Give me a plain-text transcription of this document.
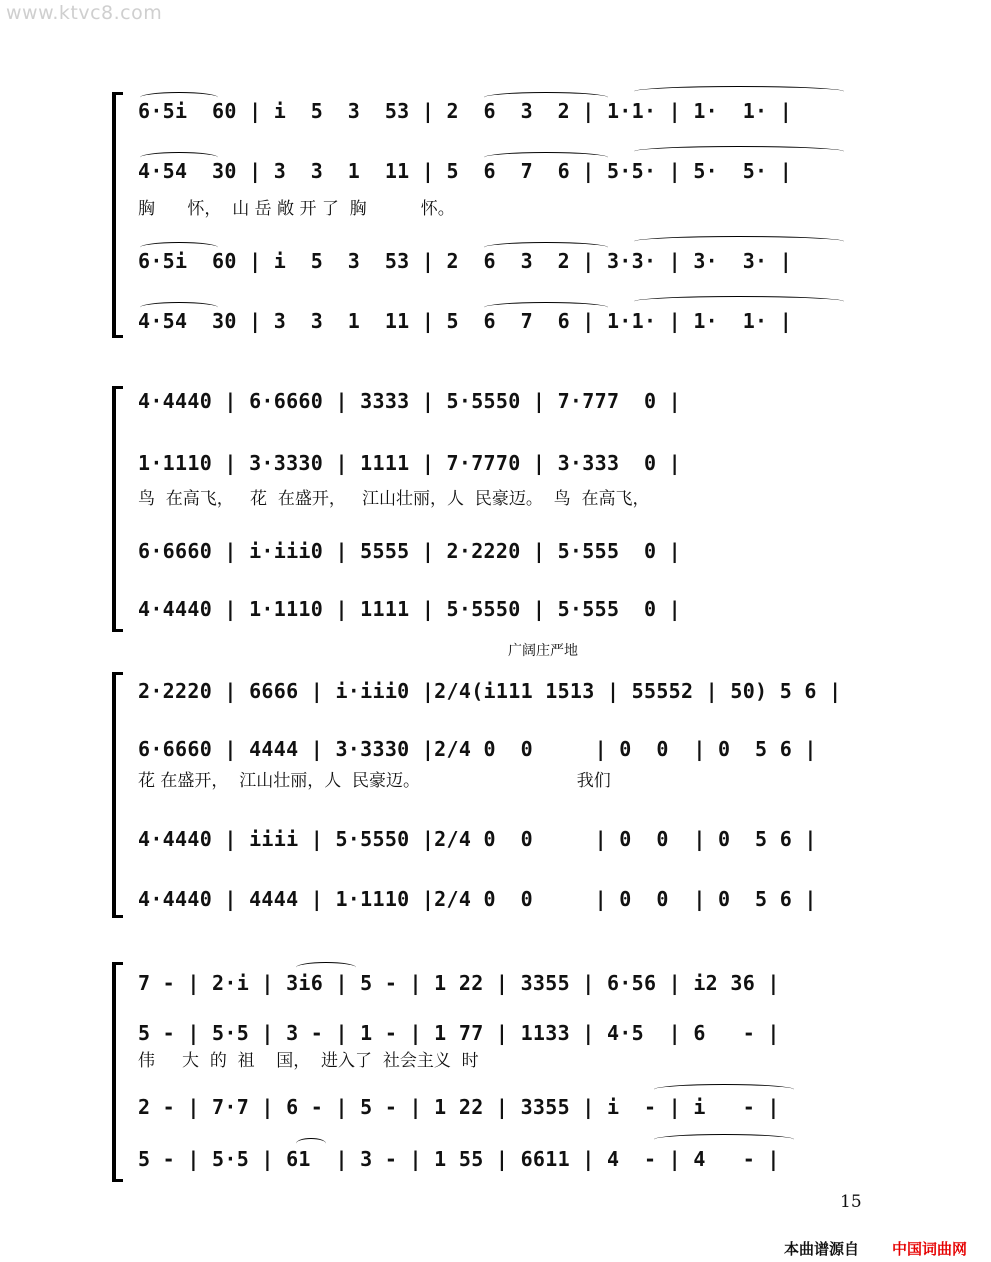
www.ktvc8.com
6·5i  60 | i  5  3  53 | 2  6  3  2 | 1·1· | 1·  1· |
4·54  30 | 3  3  1  11 | 5  6  7  6 | 5·5· | 5·  5· |
胸      怀，  山 岳 敞 开 了  胸          怀。
6·5i  60 | i  5  3  53 | 2  6  3  2 | 3·3· | 3·  3· |
4·54  30 | 3  3  1  11 | 5  6  7  6 | 1·1· | 1·  1· |
4·4440 | 6·6660 | 3333 | 5·5550 | 7·777  0 |
1·1110 | 3·3330 | 1111 | 7·7770 | 3·333  0 |
鸟  在高飞，   花  在盛开，   江山壮丽，人  民豪迈。  鸟  在高飞，
6·6660 | i·iii0 | 5555 | 2·2220 | 5·555  0 |
4·4440 | 1·1110 | 1111 | 5·5550 | 5·555  0 |
广阔庄严地
2·2220 | 6666 | i·iii0 |2/4(i111 1513 | 55552 | 50) 5 6 |
6·6660 | 4444 | 3·3330 |2/4 0  0     | 0  0  | 0  5 6 |
花 在盛开，  江山壮丽，人  民豪迈。                             我们
4·4440 | iiii | 5·5550 |2/4 0  0     | 0  0  | 0  5 6 |
4·4440 | 4444 | 1·1110 |2/4 0  0     | 0  0  | 0  5 6 |
7 - | 2·i | 3i6 | 5 - | 1 22 | 3355 | 6·56 | i2 36 |
5 - | 5·5 | 3 - | 1 - | 1 77 | 1133 | 4·5  | 6   - |
伟     大  的  祖    国，  进入了  社会主义  时
2 - | 7·7 | 6 - | 5 - | 1 22 | 3355 | i  - | i   - |
5 - | 5·5 | 61  | 3 - | 1 55 | 6611 | 4  - | 4   - |
15
本曲谱源自 中国词曲网
